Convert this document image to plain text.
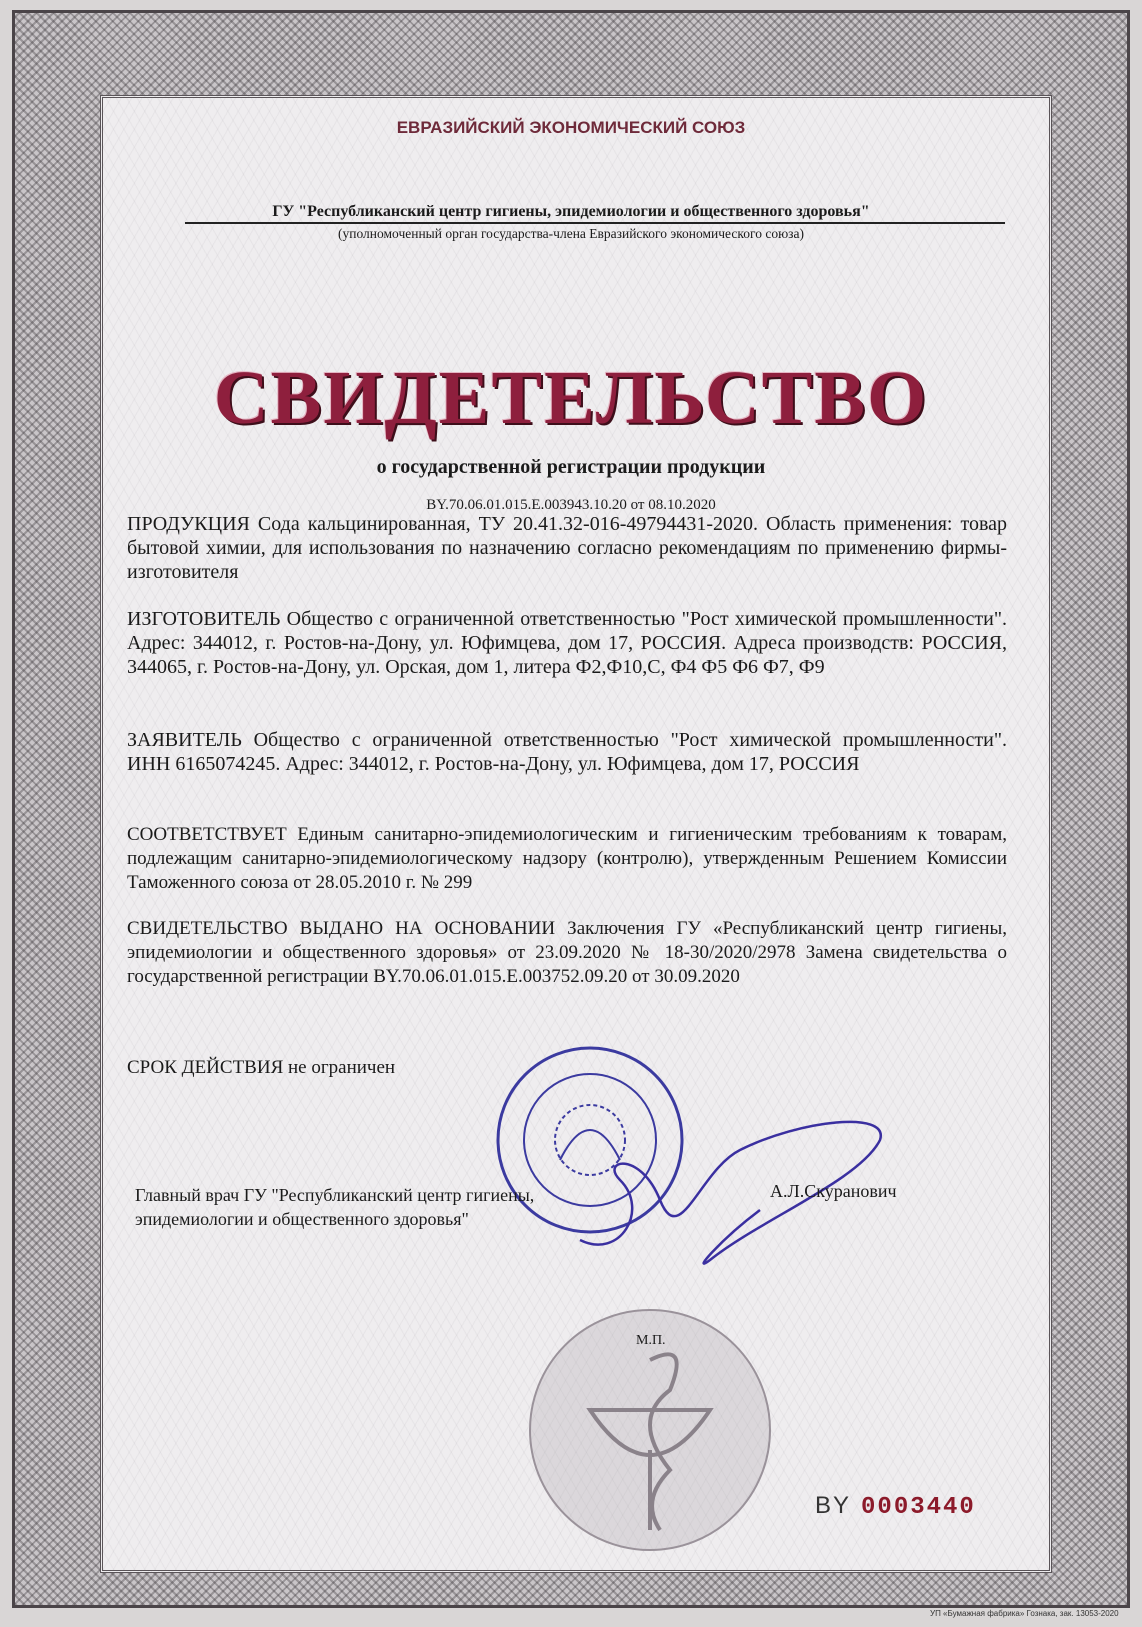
ЕВРАЗИЙСКИЙ ЭКОНОМИЧЕСКИЙ СОЮЗ
ГУ "Республиканский центр гигиены, эпидемиологии и общественного здоровья"
(уполномоченный орган государства-члена Евразийского экономического союза)
СВИДЕТЕЛЬСТВО
о государственной регистрации продукции
BY.70.06.01.015.Е.003943.10.20 от 08.10.2020
ПРОДУКЦИЯ Сода кальцинированная, ТУ 20.41.32-016-49794431-2020. Область применения: товар бытовой химии, для использования по назначению согласно рекомендациям по применению фирмы-изготовителя
ИЗГОТОВИТЕЛЬ Общество с ограниченной ответственностью "Рост химической промышленности". Адрес: 344012, г. Ростов-на-Дону, ул. Юфимцева, дом 17, РОССИЯ. Адреса производств: РОССИЯ, 344065, г. Ростов-на-Дону, ул. Орская, дом 1, литера Ф2,Ф10,С, Ф4 Ф5 Ф6 Ф7, Ф9
ЗАЯВИТЕЛЬ Общество с ограниченной ответственностью "Рост химической промышленности". ИНН 6165074245. Адрес: 344012, г. Ростов-на-Дону, ул. Юфимцева, дом 17, РОССИЯ
СООТВЕТСТВУЕТ Единым санитарно-эпидемиологическим и гигиеническим требованиям к товарам, подлежащим санитарно-эпидемиологическому надзору (контролю), утвержденным Решением Комиссии Таможенного союза от 28.05.2010 г. № 299
СВИДЕТЕЛЬСТВО ВЫДАНО НА ОСНОВАНИИ Заключения ГУ «Республиканский центр гигиены, эпидемиологии и общественного здоровья» от 23.09.2020 № 18-30/2020/2978 Замена свидетельства о государственной регистрации BY.70.06.01.015.Е.003752.09.20 от 30.09.2020
СРОК ДЕЙСТВИЯ не ограничен
Главный врач ГУ "Республиканский центр гигиены, эпидемиологии и общественного здоровья"
А.Л.Скуранович
М.П.
BY 0003440
УП «Бумажная фабрика» Гознака, зак. 13053-2020
